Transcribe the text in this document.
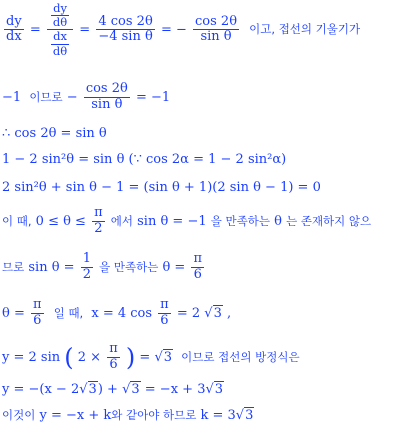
$\frac{dy}{dx} = \frac{\frac{dy}{d\theta}}{\frac{dx}{d\theta}} = \frac{4 \cos 2\theta}{\text{−4 sin θ}}$ = − $\frac{\cos 2\theta}{\text{sin θ}}$ 이고, 접선의 기울기가
−1 이므로 − $\frac{\cos 2\theta}{\text{sin θ}} = -1$
∴ cos 2θ = sin θ
1 − 2 sin²θ = sin θ (∵ cos 2α = 1 − 2 sin²α)
2 sin²θ + sin θ − 1 = (sin θ + 1)(2 sin θ − 1) = 0
이 때, $0 \le \theta \le \frac{\pi}{2}$ 에서 sin θ = −1 을 만족하는 θ 는 존재하지 않으
므로 $\sin \theta = \frac{1}{2}$ 을 만족하는 $\theta = \frac{\pi}{6}$
$\theta = \frac{\pi}{6}$ 일 때, x = 4 $\cos \frac{\pi}{6} = 2$ √3 ,
y = 2 sin ( $2 \times \frac{\pi}{6}$ ) = √3 이므로 접선의 방정식은
y = −(x − 2√3) + √3 = −x + 3√3
이것이 y = −x + k와 같아야 하므로 k = 3√3
